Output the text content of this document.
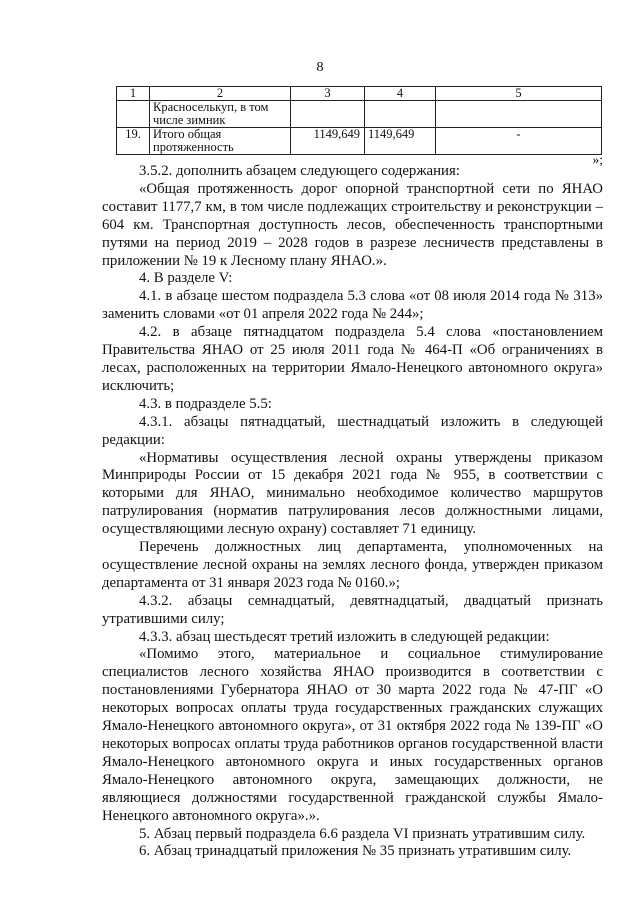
8
1	2	3	4	5
	Красноселькуп, в том числе зимник			
19.	Итого общая протяженность	1149,649	1149,649	-
»;

3.5.2. дополнить абзацем следующего содержания:

«Общая протяженность дорог опорной транспортной сети по ЯНАО составит 1177,7 км, в том числе подлежащих строительству и реконструкции – 604 км. Транспортная доступность лесов, обеспеченность транспортными путями на период 2019 – 2028 годов в разрезе лесничеств представлены в приложении № 19 к Лесному плану ЯНАО.».

4. В разделе V:

4.1. в абзаце шестом подраздела 5.3 слова «от 08 июля 2014 года № 313» заменить словами «от 01 апреля 2022 года № 244»;

4.2. в абзаце пятнадцатом подраздела 5.4 слова «постановлением Правительства ЯНАО от 25 июля 2011 года № 464-П «Об ограничениях в лесах, расположенных на территории Ямало-Ненецкого автономного округа» исключить;

4.3. в подразделе 5.5:

4.3.1. абзацы пятнадцатый, шестнадцатый изложить в следующей редакции:

«Нормативы осуществления лесной охраны утверждены приказом Минприроды России от 15 декабря 2021 года № 955, в соответствии с которыми для ЯНАО, минимально необходимое количество маршрутов патрулирования (норматив патрулирования лесов должностными лицами, осуществляющими лесную охрану) составляет 71 единицу.

Перечень должностных лиц департамента, уполномоченных на осуществление лесной охраны на землях лесного фонда, утвержден приказом департамента от 31 января 2023 года № 0160.»;

4.3.2. абзацы семнадцатый, девятнадцатый, двадцатый признать утратившими силу;

4.3.3. абзац шестьдесят третий изложить в следующей редакции:

«Помимо этого, материальное и социальное стимулирование специалистов лесного хозяйства ЯНАО производится в соответствии с постановлениями Губернатора ЯНАО от 30 марта 2022 года № 47-ПГ «О некоторых вопросах оплаты труда государственных гражданских служащих Ямало-Ненецкого автономного округа», от 31 октября 2022 года № 139-ПГ «О некоторых вопросах оплаты труда работников органов государственной власти Ямало-Ненецкого автономного округа и иных государственных органов Ямало-Ненецкого автономного округа, замещающих должности, не являющиеся должностями государственной гражданской службы Ямало-Ненецкого автономного округа».».

5. Абзац первый подраздела 6.6 раздела VI признать утратившим силу.

6. Абзац тринадцатый приложения № 35 признать утратившим силу.
